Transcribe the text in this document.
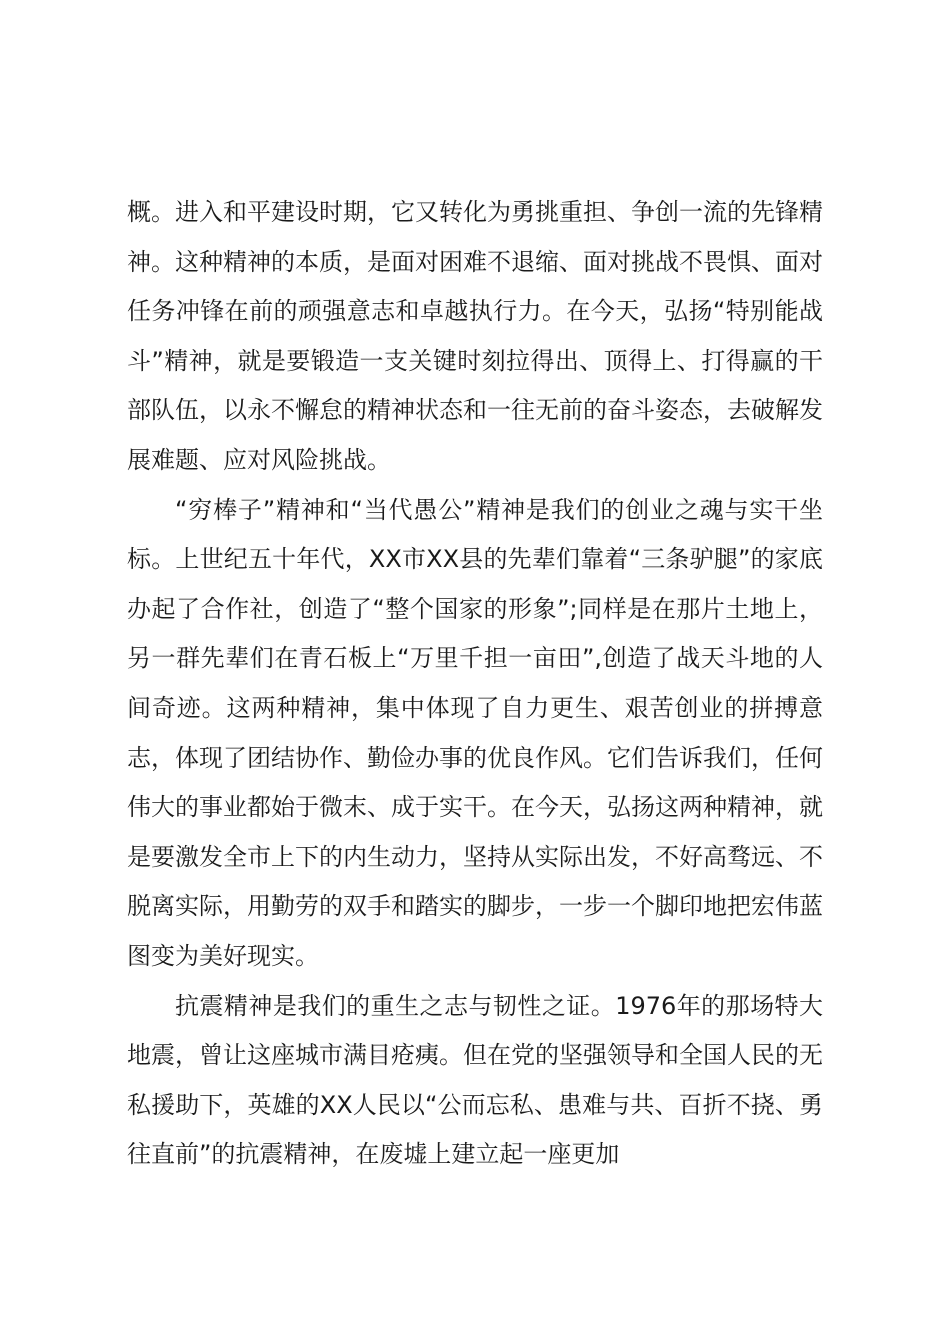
概。进入和平建设时期，它又转化为勇挑重担、争创一流的先锋精神。这种精神的本质，是面对困难不退缩、面对挑战不畏惧、面对任务冲锋在前的顽强意志和卓越执行力。在今天，弘扬“特别能战斗”精神，就是要锻造一支关键时刻拉得出、顶得上、打得赢的干部队伍，以永不懈怠的精神状态和一往无前的奋斗姿态，去破解发展难题、应对风险挑战。

“穷棒子”精神和“当代愚公”精神是我们的创业之魂与实干坐标。上世纪五十年代，XX市XX县的先辈们靠着“三条驴腿”的家底办起了合作社，创造了“整个国家的形象”;同样是在那片土地上，另一群先辈们在青石板上“万里千担一亩田”,创造了战天斗地的人间奇迹。这两种精神，集中体现了自力更生、艰苦创业的拼搏意志，体现了团结协作、勤俭办事的优良作风。它们告诉我们，任何伟大的事业都始于微末、成于实干。在今天，弘扬这两种精神，就是要激发全市上下的内生动力，坚持从实际出发，不好高骛远、不脱离实际，用勤劳的双手和踏实的脚步，一步一个脚印地把宏伟蓝图变为美好现实。

抗震精神是我们的重生之志与韧性之证。1976年的那场特大地震，曾让这座城市满目疮痍。但在党的坚强领导和全国人民的无私援助下，英雄的XX人民以“公而忘私、患难与共、百折不挠、勇往直前”的抗震精神，在废墟上建立起一座更加
